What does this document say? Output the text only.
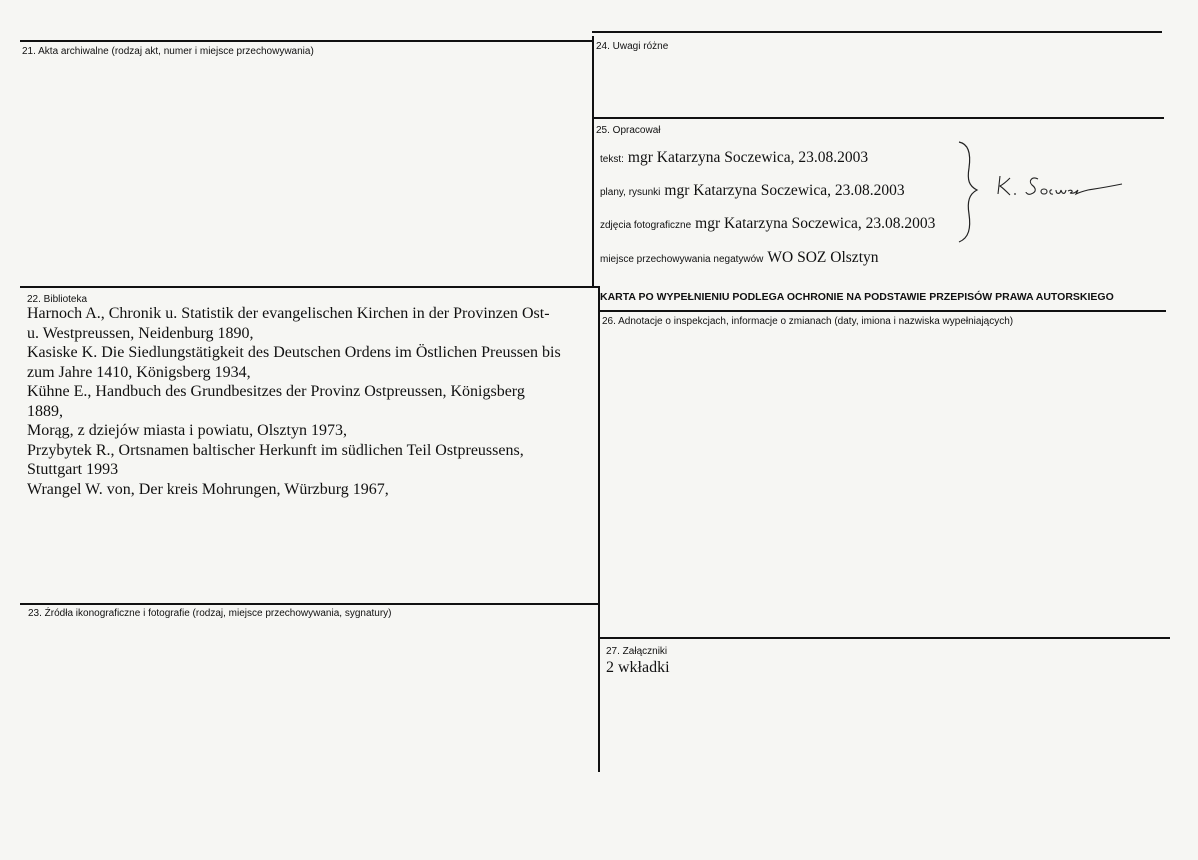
21. Akta archiwalne (rodzaj akt, numer i miejsce przechowywania)	24. Uwagi różne
25. Opracował
tekst: mgr Katarzyna Soczewica, 23.08.2003
plany, rysunki mgr Katarzyna Soczewica, 23.08.2003
zdjęcia fotograficzne mgr Katarzyna Soczewica, 23.08.2003
miejsce przechowywania negatywów WO SOZ Olsztyn
KARTA PO WYPEŁNIENIU PODLEGA OCHRONIE NA PODSTAWIE PRZEPISÓW PRAWA AUTORSKIEGO
22. Biblioteka
Harnoch A., Chronik u. Statistik der evangelischen Kirchen in der Provinzen Ost-
u. Westpreussen, Neidenburg 1890,
Kasiske K. Die Siedlungstätigkeit des Deutschen Ordens im Östlichen Preussen bis
zum Jahre 1410, Königsberg 1934,
Kühne E., Handbuch des Grundbesitzes der Provinz Ostpreussen, Königsberg
1889,
Morąg, z dziejów miasta i powiatu, Olsztyn 1973,
Przybytek R., Ortsnamen baltischer Herkunft im südlichen Teil Ostpreussens,
Stuttgart 1993
Wrangel W. von, Der kreis Mohrungen, Würzburg 1967,
26. Adnotacje o inspekcjach, informacje o zmianach (daty, imiona i nazwiska wypełniających)
23. Źródła ikonograficzne i fotografie (rodzaj, miejsce przechowywania, sygnatury)
27. Załączniki
2 wkładki
